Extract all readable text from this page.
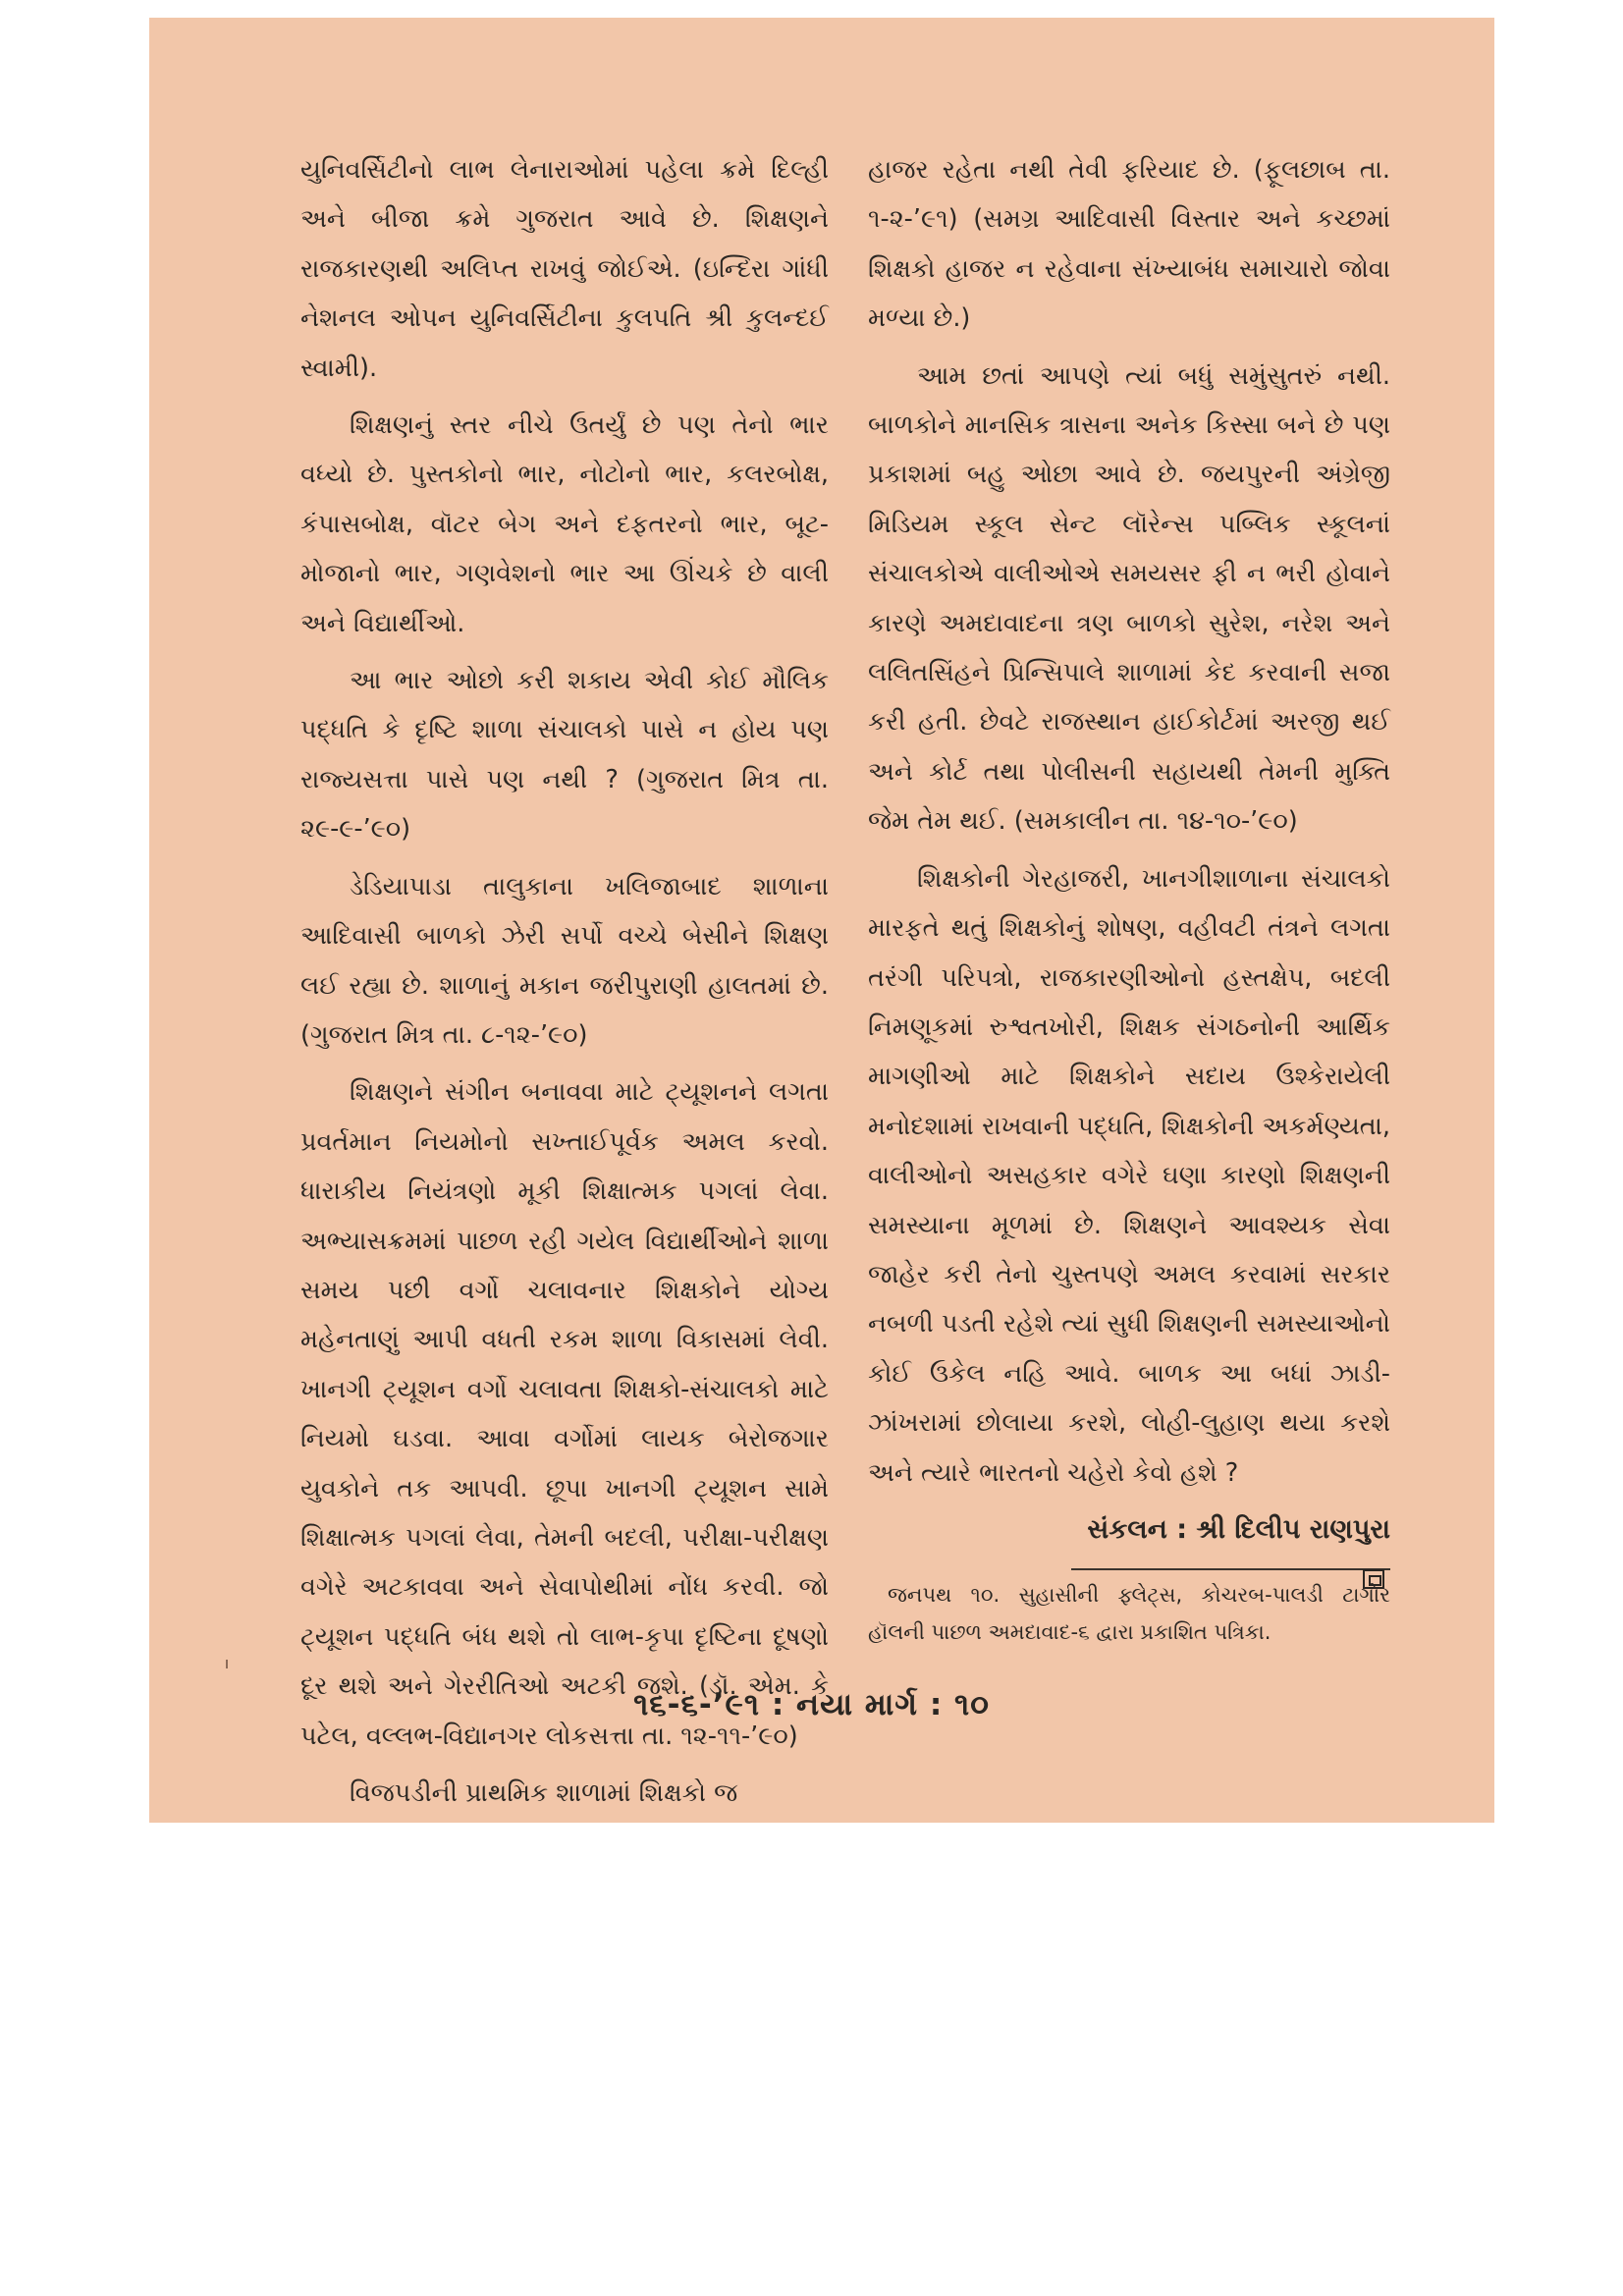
યુનિવર્સિટીનો લાભ લેનારાઓમાં પહેલા ક્રમે દિલ્હી અને બીજા ક્રમે ગુજરાત આવે છે. શિક્ષણને રાજકારણથી અલિપ્ત રાખવું જોઈએ. (ઇન્દિરા ગાંધી નેશનલ ઓપન યુનિવર્સિટીના કુલપતિ શ્રી કુલન્દઈ સ્વામી).

શિક્ષણનું સ્તર નીચે ઉતર્યું છે પણ તેનો ભાર વધ્યો છે. પુસ્તકોનો ભાર, નોટોનો ભાર, કલરબોક્ષ, કંપાસબોક્ષ, વૉટર બેગ અને દફતરનો ભાર, બૂટ-મોજાનો ભાર, ગણવેશનો ભાર આ ઊંચકે છે વાલી અને વિદ્યાર્થીઓ.

આ ભાર ઓછો કરી શકાય એવી કોઈ મૌલિક પદ્ધતિ કે દૃષ્ટિ શાળા સંચાલકો પાસે ન હોય પણ રાજ્યસત્તા પાસે પણ નથી ? (ગુજરાત મિત્ર તા. ૨૯-૯-’૯૦)

ડેડિયાપાડા તાલુકાના ખલિજાબાદ શાળાના આદિવાસી બાળકો ઝેરી સર્પો વચ્ચે બેસીને શિક્ષણ લઈ રહ્યા છે. શાળાનું મકાન જરીપુરાણી હાલતમાં છે. (ગુજરાત મિત્ર તા. ૮-૧૨-’૯૦)

શિક્ષણને સંગીન બનાવવા માટે ટ્યૂશનને લગતા પ્રવર્તમાન નિયમોનો સખ્તાઈપૂર્વક અમલ કરવો. ધારાકીય નિયંત્રણો મૂકી શિક્ષાત્મક પગલાં લેવા. અભ્યાસક્રમમાં પાછળ રહી ગયેલ વિદ્યાર્થીઓને શાળા સમય પછી વર્ગો ચલાવનાર શિક્ષકોને યોગ્ય મહેનતાણું આપી વધતી રકમ શાળા વિકાસમાં લેવી. ખાનગી ટ્યૂશન વર્ગો ચલાવતા શિક્ષકો-સંચાલકો માટે નિયમો ઘડવા. આવા વર્ગોમાં લાયક બેરોજગાર યુવકોને તક આપવી. છૂપા ખાનગી ટ્યૂશન સામે શિક્ષાત્મક પગલાં લેવા, તેમની બદલી, પરીક્ષા-પરીક્ષણ વગેરે અટકાવવા અને સેવાપોથીમાં નોંધ કરવી. જો ટ્યૂશન પદ્ધતિ બંધ થશે તો લાભ-કૃપા દૃષ્ટિના દૂષણો દૂર થશે અને ગેરરીતિઓ અટકી જશે. (ડૉ. એમ. કે પટેલ, વલ્લભ-વિદ્યાનગર લોકસત્તા તા. ૧૨-૧૧-’૯૦)

વિજપડીની પ્રાથમિક શાળામાં શિક્ષકો જ

હાજર રહેતા નથી તેવી ફરિયાદ છે. (ફૂલછાબ તા. ૧-૨-’૯૧) (સમગ્ર આદિવાસી વિસ્તાર અને કચ્છમાં શિક્ષકો હાજર ન રહેવાના સંખ્યાબંધ સમાચારો જોવા મળ્યા છે.)

આમ છતાં આપણે ત્યાં બધું સમુંસુતરું નથી. બાળકોને માનસિક ત્રાસના અનેક કિસ્સા બને છે પણ પ્રકાશમાં બહુ ઓછા આવે છે. જયપુરની અંગ્રેજી મિડિયમ સ્કૂલ સેન્ટ લૉરેન્સ પબ્લિક સ્કૂલનાં સંચાલકોએ વાલીઓએ સમયસર ફી ન ભરી હોવાને કારણે અમદાવાદના ત્રણ બાળકો સુરેશ, નરેશ અને લલિતસિંહને પ્રિન્સિપાલે શાળામાં કેદ કરવાની સજા કરી હતી. છેવટે રાજસ્થાન હાઈકોર્ટમાં અરજી થઈ અને કોર્ટ તથા પોલીસની સહાયથી તેમની મુક્તિ જેમ તેમ થઈ. (સમકાલીન તા. ૧૪-૧૦-’૯૦)

શિક્ષકોની ગેરહાજરી, ખાનગીશાળાના સંચાલકો મારફતે થતું શિક્ષકોનું શોષણ, વહીવટી તંત્રને લગતા તરંગી પરિપત્રો, રાજકારણીઓનો હસ્તક્ષેપ, બદલી નિમણૂકમાં રુશ્વતખોરી, શિક્ષક સંગઠનોની આર્થિક માગણીઓ માટે શિક્ષકોને સદાય ઉશ્કેરાયેલી મનોદશામાં રાખવાની પદ્ધતિ, શિક્ષકોની અકર્મણ્યતા, વાલીઓનો અસહકાર વગેરે ઘણા કારણો શિક્ષણની સમસ્યાના મૂળમાં છે. શિક્ષણને આવશ્યક સેવા જાહેર કરી તેનો ચુસ્તપણે અમલ કરવામાં સરકાર નબળી પડતી રહેશે ત્યાં સુધી શિક્ષણની સમસ્યાઓનો કોઈ ઉકેલ નહિ આવે. બાળક આ બધાં ઝાડી-ઝાંખરામાં છોલાયા કરશે, લોહી-લુહાણ થયા કરશે અને ત્યારે ભારતનો ચહેરો કેવો હશે ?

સંકલન : શ્રી દિલીપ રાણપુરા

જનપથ ૧૦. સુહાસીની ફ્લેટ્સ, કોચરબ-પાલડી ટાગોર હૉલની પાછળ અમદાવાદ-૬ દ્વારા પ્રકાશિત પત્રિકા.

૧૬-૬-’૯૧ : નયા માર્ગ : ૧૦
